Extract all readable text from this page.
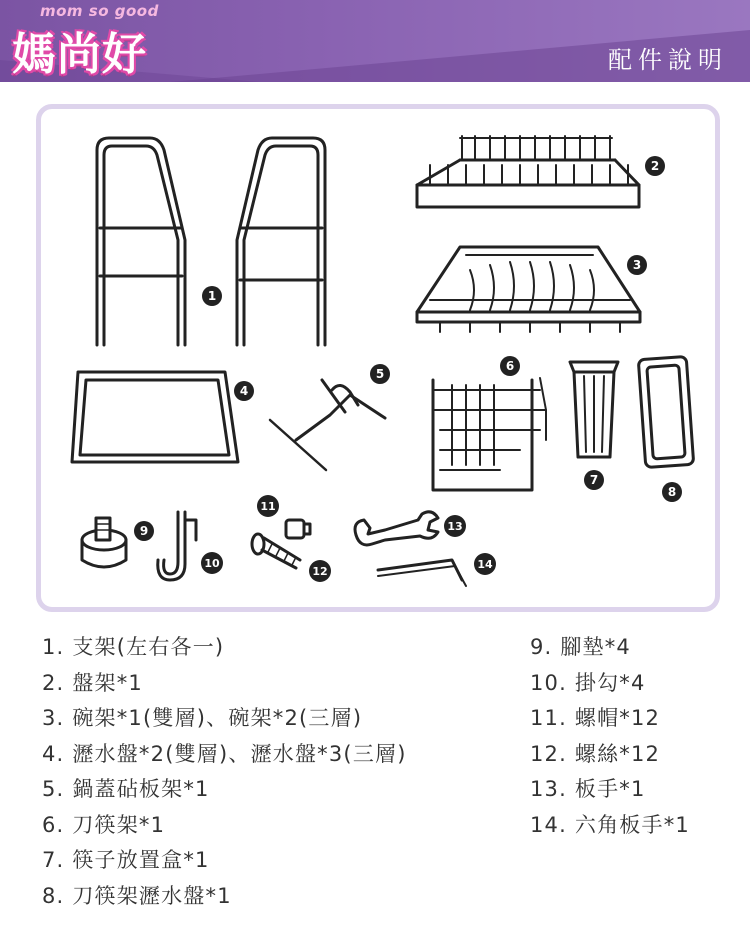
mom so good
媽尚好	配件說明
1
2
3
4
5
6
7
8
9
10
11
12
13
14
1. 支架(左右各一)
2. 盤架*1
3. 碗架*1(雙層)、碗架*2(三層)
4. 瀝水盤*2(雙層)、瀝水盤*3(三層)
5. 鍋蓋砧板架*1
6. 刀筷架*1
7. 筷子放置盒*1
8. 刀筷架瀝水盤*1
9. 腳墊*4
10. 掛勾*4
11. 螺帽*12
12. 螺絲*12
13. 板手*1
14. 六角板手*1
